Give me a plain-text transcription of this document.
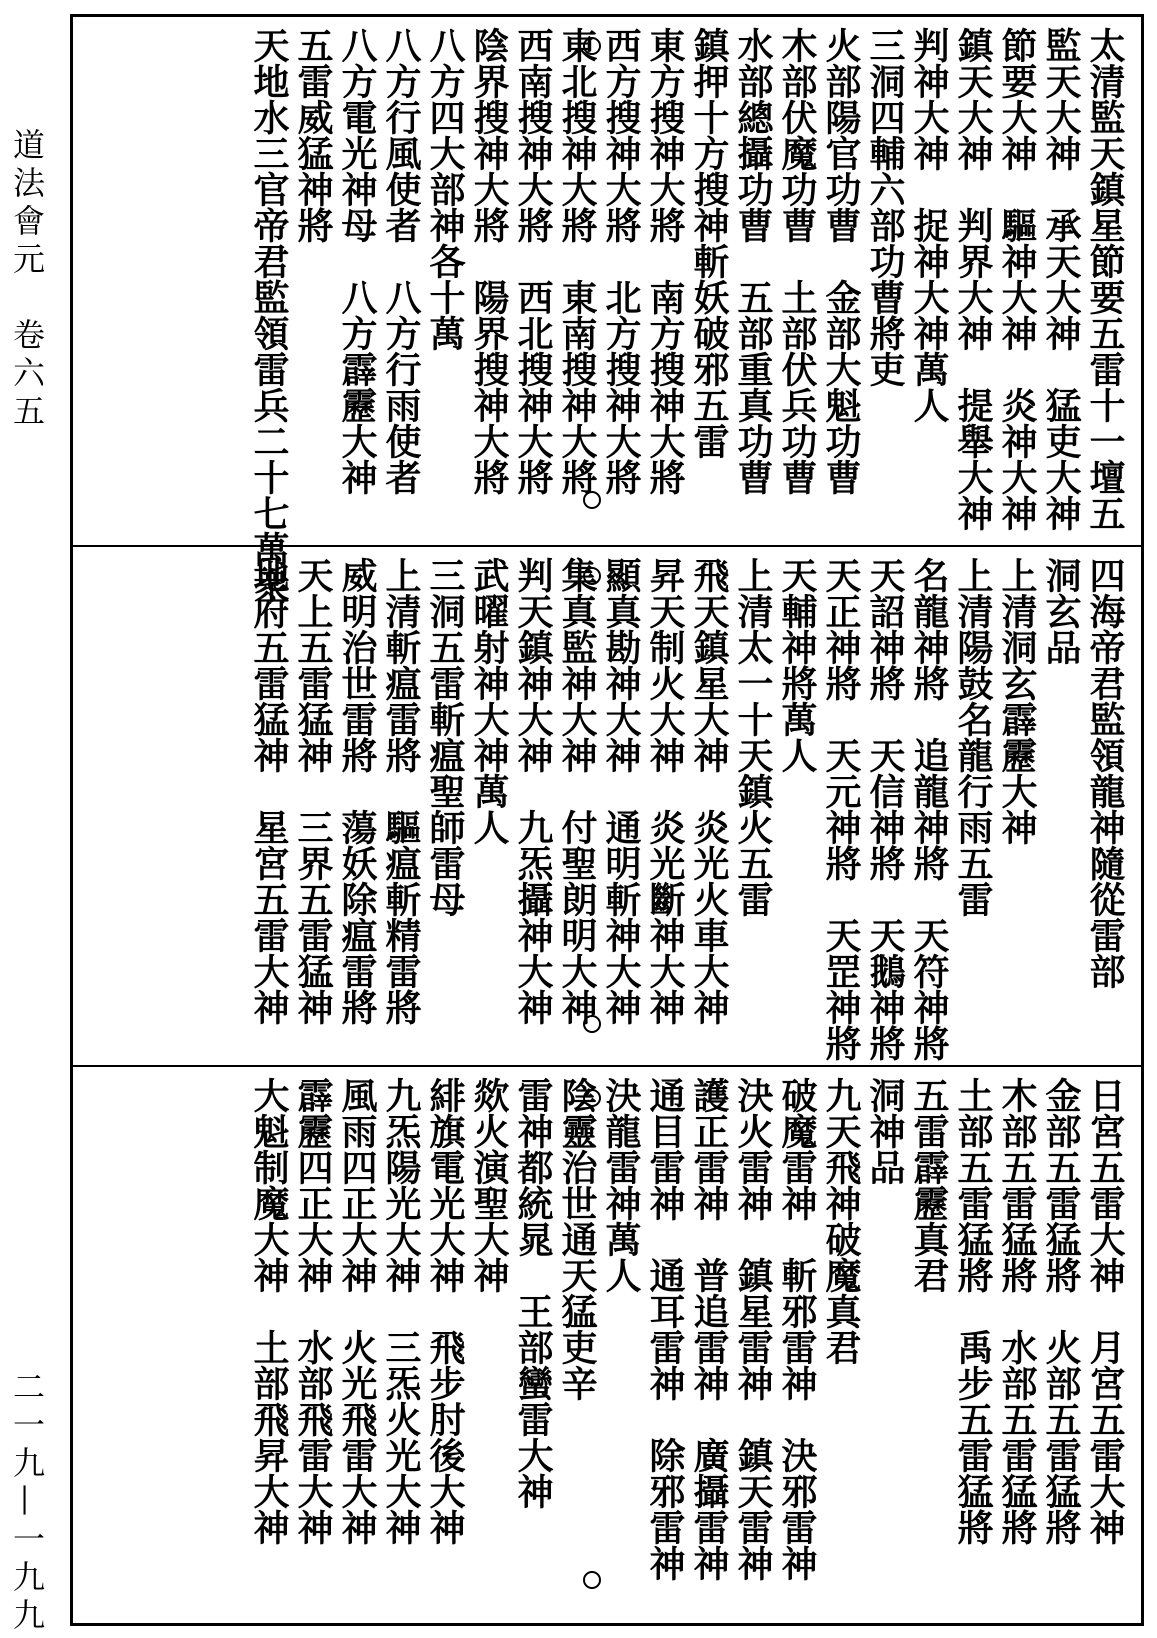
道法會元　卷六五
二一九—一九九
太清監天鎮星節要五雷十一壇五
監天大神　承天大神　猛吏大神
節要大神　驅神大神　炎神大神
鎮天大神　判界大神　提舉大神
判神大神　捉神大神萬人
三洞四輔六部功曹將吏
火部陽官功曹　金部大魁功曹
木部伏魔功曹　土部伏兵功曹
水部總攝功曹　五部重真功曹
鎮押十方搜神斬妖破邪五雷
東方搜神大將　南方搜神大將
西方搜神大將　北方搜神大將
東北搜神大將　東南搜神大將
西南搜神大將　西北搜神大將
陰界搜神大將　陽界搜神大將
八方四大部神各十萬
八方行風使者　八方行雨使者
八方電光神母　八方霹靂大神
五雷威猛神將
天地水三官帝君監領雷兵二十七萬衆
四海帝君監領龍神隨從雷部
洞玄品
上清洞玄霹靂大神
上清陽鼓名龍行雨五雷
名龍神將　追龍神將　天符神將
天詔神將　天信神將　天鵝神將
天正神將　天元神將　天罡神將
天輔神將萬人
上清太一十天鎮火五雷
飛天鎮星大神　炎光火車大神
昇天制火大神　炎光斷神大神
顯真勘神大神　通明斬神大神
集真監神大神　付聖朗明大神
判天鎮神大神　九炁攝神大神
武曜射神大神萬人
三洞五雷斬瘟聖師雷母
上清斬瘟雷將　驅瘟斬精雷將
威明治世雷將　蕩妖除瘟雷將
天上五雷猛神　三界五雷猛神
地府五雷猛神　星宮五雷大神
日宮五雷大神　月宮五雷大神
金部五雷猛將　火部五雷猛將
木部五雷猛將　水部五雷猛將
土部五雷猛將　禹步五雷猛將
五雷霹靂真君
洞神品
九天飛神破魔真君
破魔雷神　斬邪雷神　決邪雷神
決火雷神　鎮星雷神　鎮天雷神
護正雷神　普追雷神　廣攝雷神
通目雷神　通耳雷神　除邪雷神
決龍雷神萬人
陰靈治世通天猛吏辛
雷神都統晁　王部蠻雷大神
欻火演聖大神
緋旗電光大神　飛步肘後大神
九炁陽光大神　三炁火光大神
風雨四正大神　火光飛雷大神
霹靂四正大神　水部飛雷大神
大魁制魔大神　土部飛昇大神
